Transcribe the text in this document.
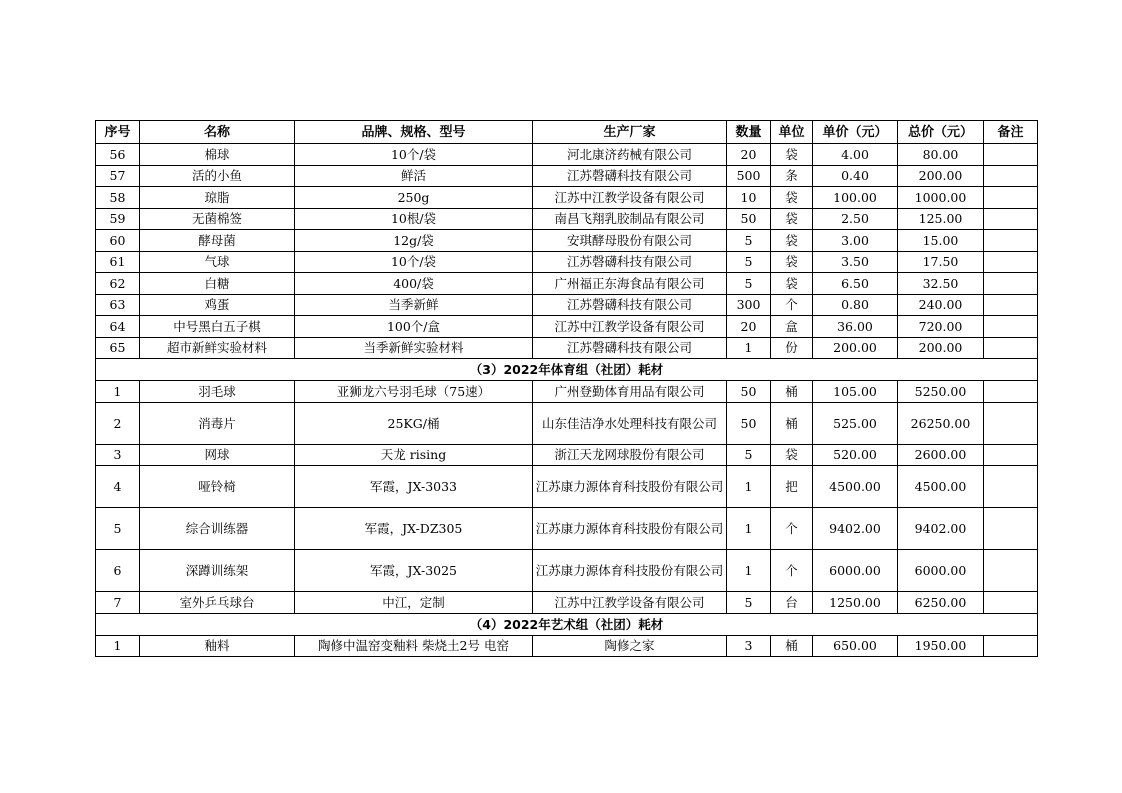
序号	名称	品牌、规格、型号	生产厂家	数量	单位	单价（元）	总价（元）	备注
56	棉球	10个/袋	河北康济药械有限公司	20	袋	4.00	80.00	
57	活的小鱼	鲜活	江苏磬礴科技有限公司	500	条	0.40	200.00	
58	琼脂	250g	江苏中江教学设备有限公司	10	袋	100.00	1000.00	
59	无菌棉签	10根/袋	南昌飞翔乳胶制品有限公司	50	袋	2.50	125.00	
60	酵母菌	12g/袋	安琪酵母股份有限公司	5	袋	3.00	15.00	
61	气球	10个/袋	江苏磬礴科技有限公司	5	袋	3.50	17.50	
62	白糖	400/袋	广州福正东海食品有限公司	5	袋	6.50	32.50	
63	鸡蛋	当季新鲜	江苏磬礴科技有限公司	300	个	0.80	240.00	
64	中号黑白五子棋	100个/盒	江苏中江教学设备有限公司	20	盒	36.00	720.00	
65	超市新鲜实验材料	当季新鲜实验材料	江苏磬礴科技有限公司	1	份	200.00	200.00	
（3）2022年体育组（社团）耗材								
1	羽毛球	亚狮龙六号羽毛球（75速）	广州登勤体育用品有限公司	50	桶	105.00	5250.00	
2	消毒片	25KG/桶	山东佳洁净水处理科技有限公司	50	桶	525.00	26250.00	
3	网球	天龙 rising	浙江天龙网球股份有限公司	5	袋	520.00	2600.00	
4	哑铃椅	军霞，JX-3033	江苏康力源体育科技股份有限公司	1	把	4500.00	4500.00	
5	综合训练器	军霞，JX-DZ305	江苏康力源体育科技股份有限公司	1	个	9402.00	9402.00	
6	深蹲训练架	军霞，JX-3025	江苏康力源体育科技股份有限公司	1	个	6000.00	6000.00	
7	室外乒乓球台	中江，定制	江苏中江教学设备有限公司	5	台	1250.00	6250.00	
（4）2022年艺术组（社团）耗材								
1	釉料	陶修中温窑变釉料 柴烧土2号 电窑	陶修之家	3	桶	650.00	1950.00	
